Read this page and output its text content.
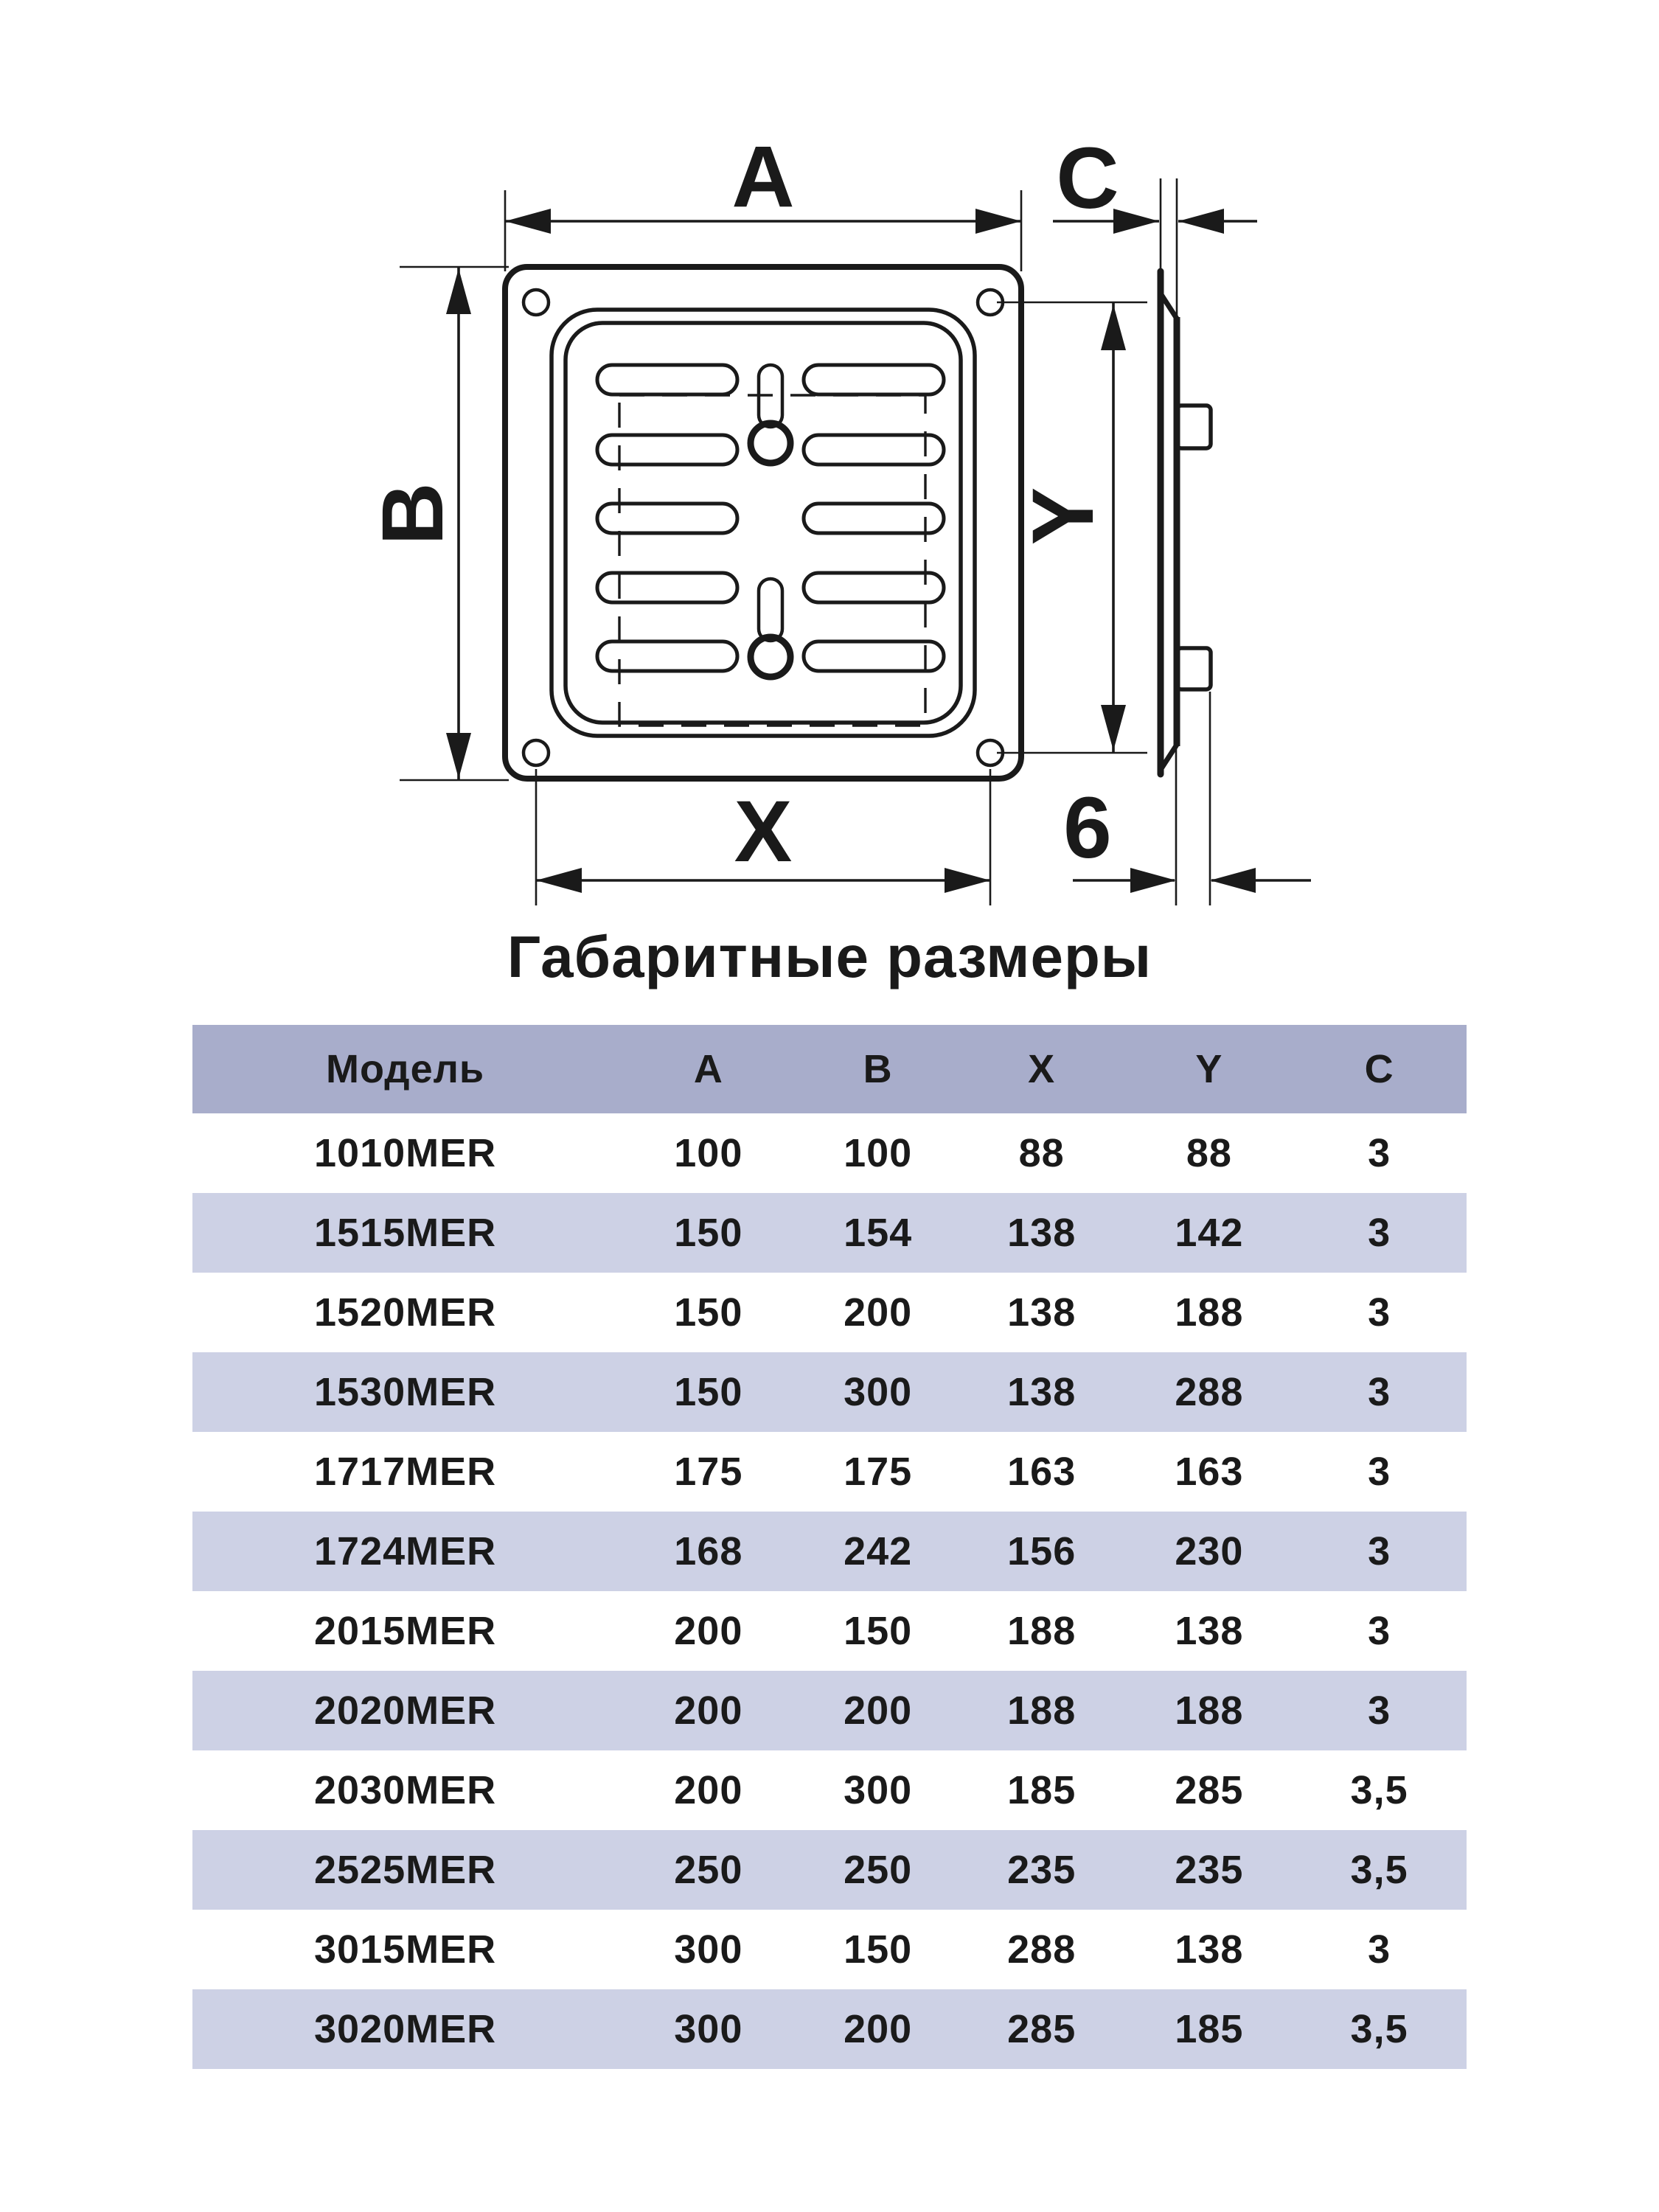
A
B
C
X
Y
6
Габаритные размеры
Модель	A	B	X	Y	C
1010MER	100	100	88	88	3
1515MER	150	154	138	142	3
1520MER	150	200	138	188	3
1530MER	150	300	138	288	3
1717MER	175	175	163	163	3
1724MER	168	242	156	230	3
2015MER	200	150	188	138	3
2020MER	200	200	188	188	3
2030MER	200	300	185	285	3,5
2525MER	250	250	235	235	3,5
3015MER	300	150	288	138	3
3020MER	300	200	285	185	3,5
